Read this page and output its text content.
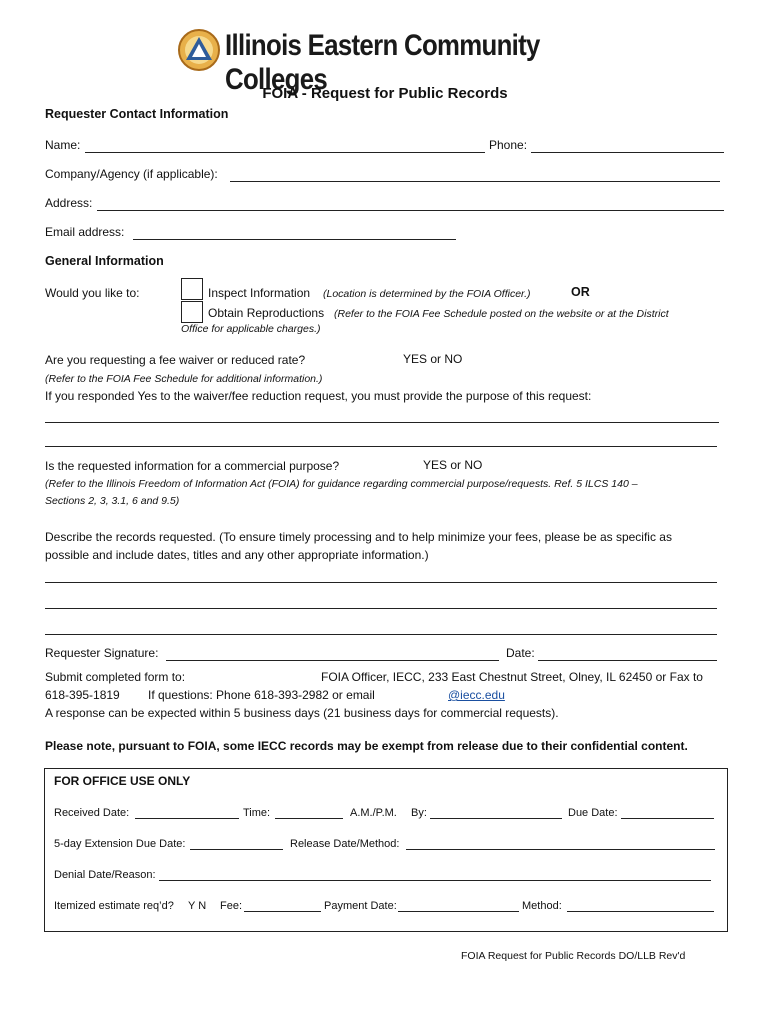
Illinois Eastern Community Colleges
FOIA - Request for Public Records
Requester Contact Information
Name:	Phone:
Company/Agency (if applicable):
Address:
Email address:
General Information
Would you like to:	Inspect Information (Location is determined by the FOIA Officer.)	OR
Obtain Reproductions (Refer to the FOIA Fee Schedule posted on the website or at the District
Office for applicable charges.)
Are you requesting a fee waiver or reduced rate?	YES or NO
(Refer to the FOIA Fee Schedule for additional information.)
If you responded Yes to the waiver/fee reduction request, you must provide the purpose of this request:
Is the requested information for a commercial purpose?	YES or NO
(Refer to the Illinois Freedom of Information Act (FOIA) for guidance regarding commercial purpose/requests. Ref. 5 ILCS 140 –
Sections 2, 3, 3.1, 6 and 9.5)
Describe the records requested. (To ensure timely processing and to help minimize your fees, please be as specific as
possible and include dates, titles and any other appropriate information.)
Requester Signature:	Date:
Submit completed form to:	FOIA Officer, IECC, 233 East Chestnut Street, Olney, IL 62450 or Fax to
618-395-1819 If questions: Phone 618-393-2982 or email	@iecc.edu
A response can be expected within 5 business days (21 business days for commercial requests).
Please note, pursuant to FOIA, some IECC records may be exempt from release due to their confidential content.
FOR OFFICE USE ONLY
Received Date:	Time:	A.M./P.M. By:	Due Date:
5-day Extension Due Date:	Release Date/Method:
Denial Date/Reason:
Itemized estimate req’d? Y N Fee:	Payment Date:	Method:
FOIA Request for Public Records DO/LLB Rev'd
